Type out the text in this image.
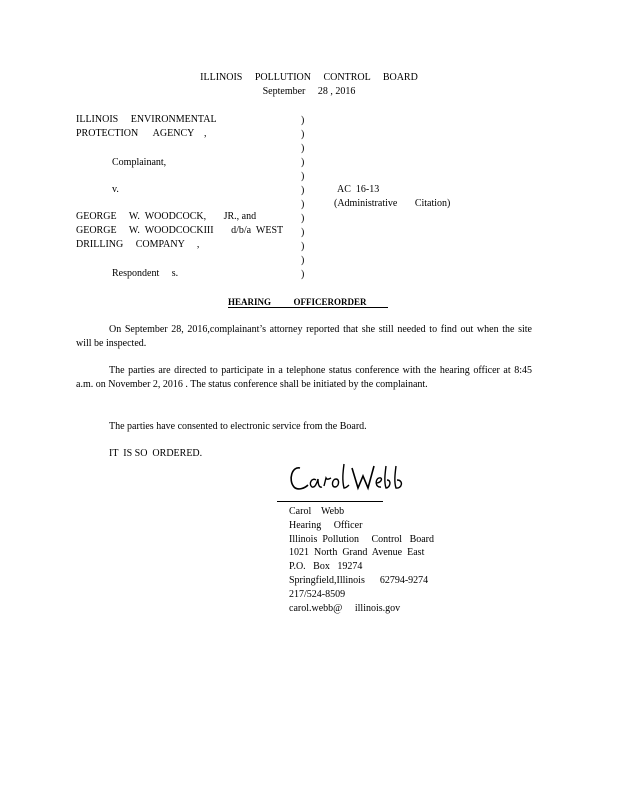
ILLINOIS     POLLUTION     CONTROL     BOARD
September     28 , 2016
ILLINOIS     ENVIRONMENTAL
PROTECTION      AGENCY    ,
Complainant,
v.
GEORGE     W.  WOODCOCK,       JR., and
GEORGE     W.  WOODCOCKIII       d/b/a  WEST
DRILLING     COMPANY     ,
Respondent     s.
)
)
)
)
)
)
)
)
)
)
)
)
AC  16-13
(Administrative       Citation)
HEARING          OFFICERORDER
On September 28, 2016,complainant’s attorney reported that she still needed to find out when the site will be inspected.
The parties are directed to participate in a telephone status conference with the hearing officer at 8:45 a.m. on November 2, 2016 . The status conference shall be initiated by the complainant.
The parties have consented to electronic service from the Board.
IT  IS SO  ORDERED.
Carol    Webb
Hearing     Officer
Illinois  Pollution     Control   Board
1021  North  Grand  Avenue  East
P.O.   Box   19274
Springfield,Illinois      62794-9274
217/524-8509
carol.webb@     illinois.gov
